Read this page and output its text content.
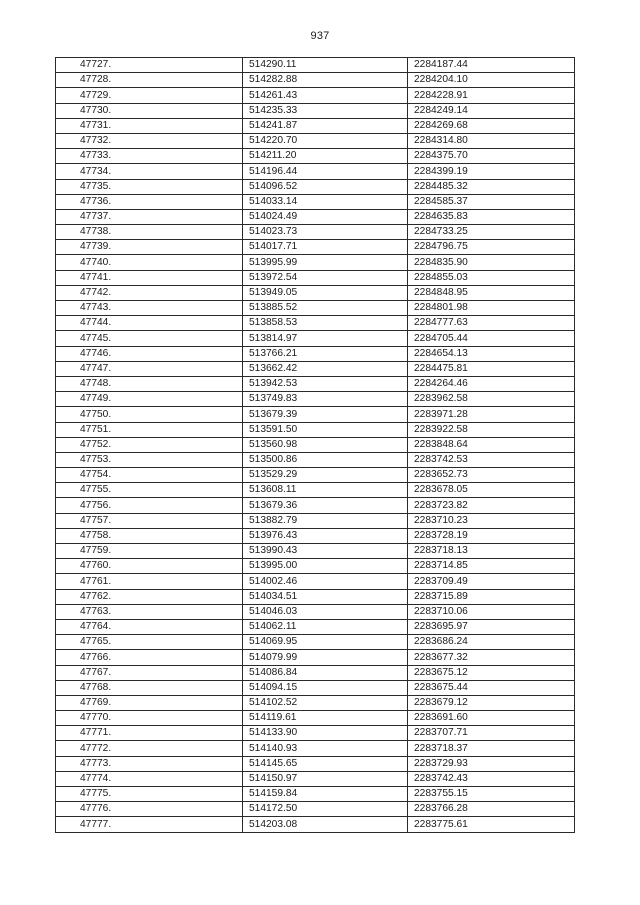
937
47727.	514290.11	2284187.44
47728.	514282.88	2284204.10
47729.	514261.43	2284228.91
47730.	514235.33	2284249.14
47731.	514241.87	2284269.68
47732.	514220.70	2284314.80
47733.	514211.20	2284375.70
47734.	514196.44	2284399.19
47735.	514096.52	2284485.32
47736.	514033.14	2284585.37
47737.	514024.49	2284635.83
47738.	514023.73	2284733.25
47739.	514017.71	2284796.75
47740.	513995.99	2284835.90
47741.	513972.54	2284855.03
47742.	513949.05	2284848.95
47743.	513885.52	2284801.98
47744.	513858.53	2284777.63
47745.	513814.97	2284705.44
47746.	513766.21	2284654.13
47747.	513662.42	2284475.81
47748.	513942.53	2284264.46
47749.	513749.83	2283962.58
47750.	513679.39	2283971.28
47751.	513591.50	2283922.58
47752.	513560.98	2283848.64
47753.	513500.86	2283742.53
47754.	513529.29	2283652.73
47755.	513608.11	2283678.05
47756.	513679.36	2283723.82
47757.	513882.79	2283710.23
47758.	513976.43	2283728.19
47759.	513990.43	2283718.13
47760.	513995.00	2283714.85
47761.	514002.46	2283709.49
47762.	514034.51	2283715.89
47763.	514046.03	2283710.06
47764.	514062.11	2283695.97
47765.	514069.95	2283686.24
47766.	514079.99	2283677.32
47767.	514086.84	2283675.12
47768.	514094.15	2283675.44
47769.	514102.52	2283679.12
47770.	514119.61	2283691.60
47771.	514133.90	2283707.71
47772.	514140.93	2283718.37
47773.	514145.65	2283729.93
47774.	514150.97	2283742.43
47775.	514159.84	2283755.15
47776.	514172.50	2283766.28
47777.	514203.08	2283775.61
